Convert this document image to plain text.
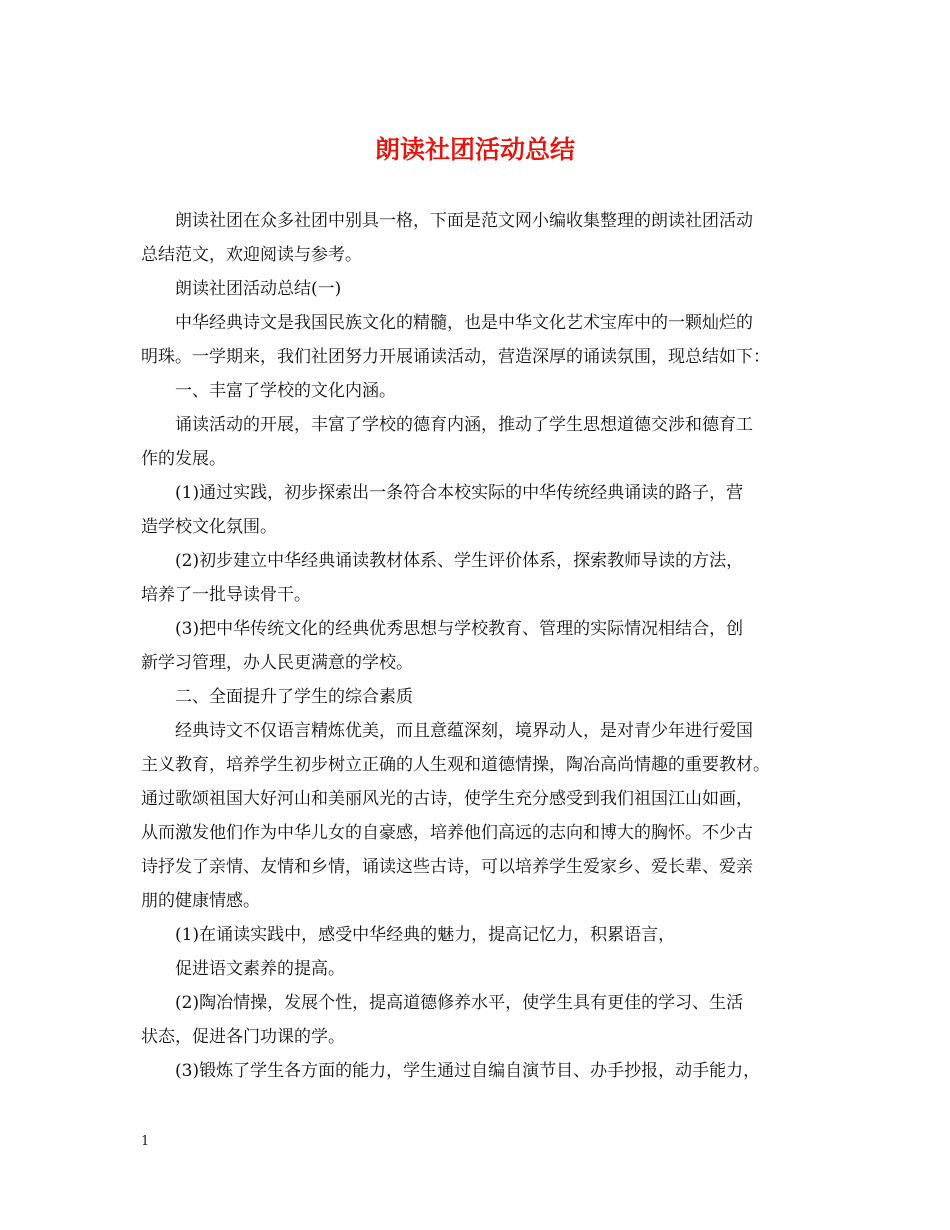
朗读社团活动总结

朗读社团在众多社团中别具一格，下面是范文网小编收集整理的朗读社团活动
总结范文，欢迎阅读与参考。

朗读社团活动总结(一)

中华经典诗文是我国民族文化的精髓，也是中华文化艺术宝库中的一颗灿烂的
明珠。一学期来，我们社团努力开展诵读活动，营造深厚的诵读氛围，现总结如下：

一、丰富了学校的文化内涵。

诵读活动的开展，丰富了学校的德育内涵，推动了学生思想道德交涉和德育工
作的发展。

(1)通过实践，初步探索出一条符合本校实际的中华传统经典诵读的路子，营
造学校文化氛围。

(2)初步建立中华经典诵读教材体系、学生评价体系，探索教师导读的方法，
培养了一批导读骨干。

(3)把中华传统文化的经典优秀思想与学校教育、管理的实际情况相结合，创
新学习管理，办人民更满意的学校。

二、全面提升了学生的综合素质

经典诗文不仅语言精炼优美，而且意蕴深刻，境界动人，是对青少年进行爱国
主义教育，培养学生初步树立正确的人生观和道德情操，陶冶高尚情趣的重要教材。
通过歌颂祖国大好河山和美丽风光的古诗，使学生充分感受到我们祖国江山如画，
从而激发他们作为中华儿女的自豪感，培养他们高远的志向和博大的胸怀。不少古
诗抒发了亲情、友情和乡情，诵读这些古诗，可以培养学生爱家乡、爱长辈、爱亲
朋的健康情感。

(1)在诵读实践中，感受中华经典的魅力，提高记忆力，积累语言，

促进语文素养的提高。

(2)陶冶情操，发展个性，提高道德修养水平，使学生具有更佳的学习、生活
状态，促进各门功课的学。

(3)锻炼了学生各方面的能力，学生通过自编自演节目、办手抄报，动手能力，

1
